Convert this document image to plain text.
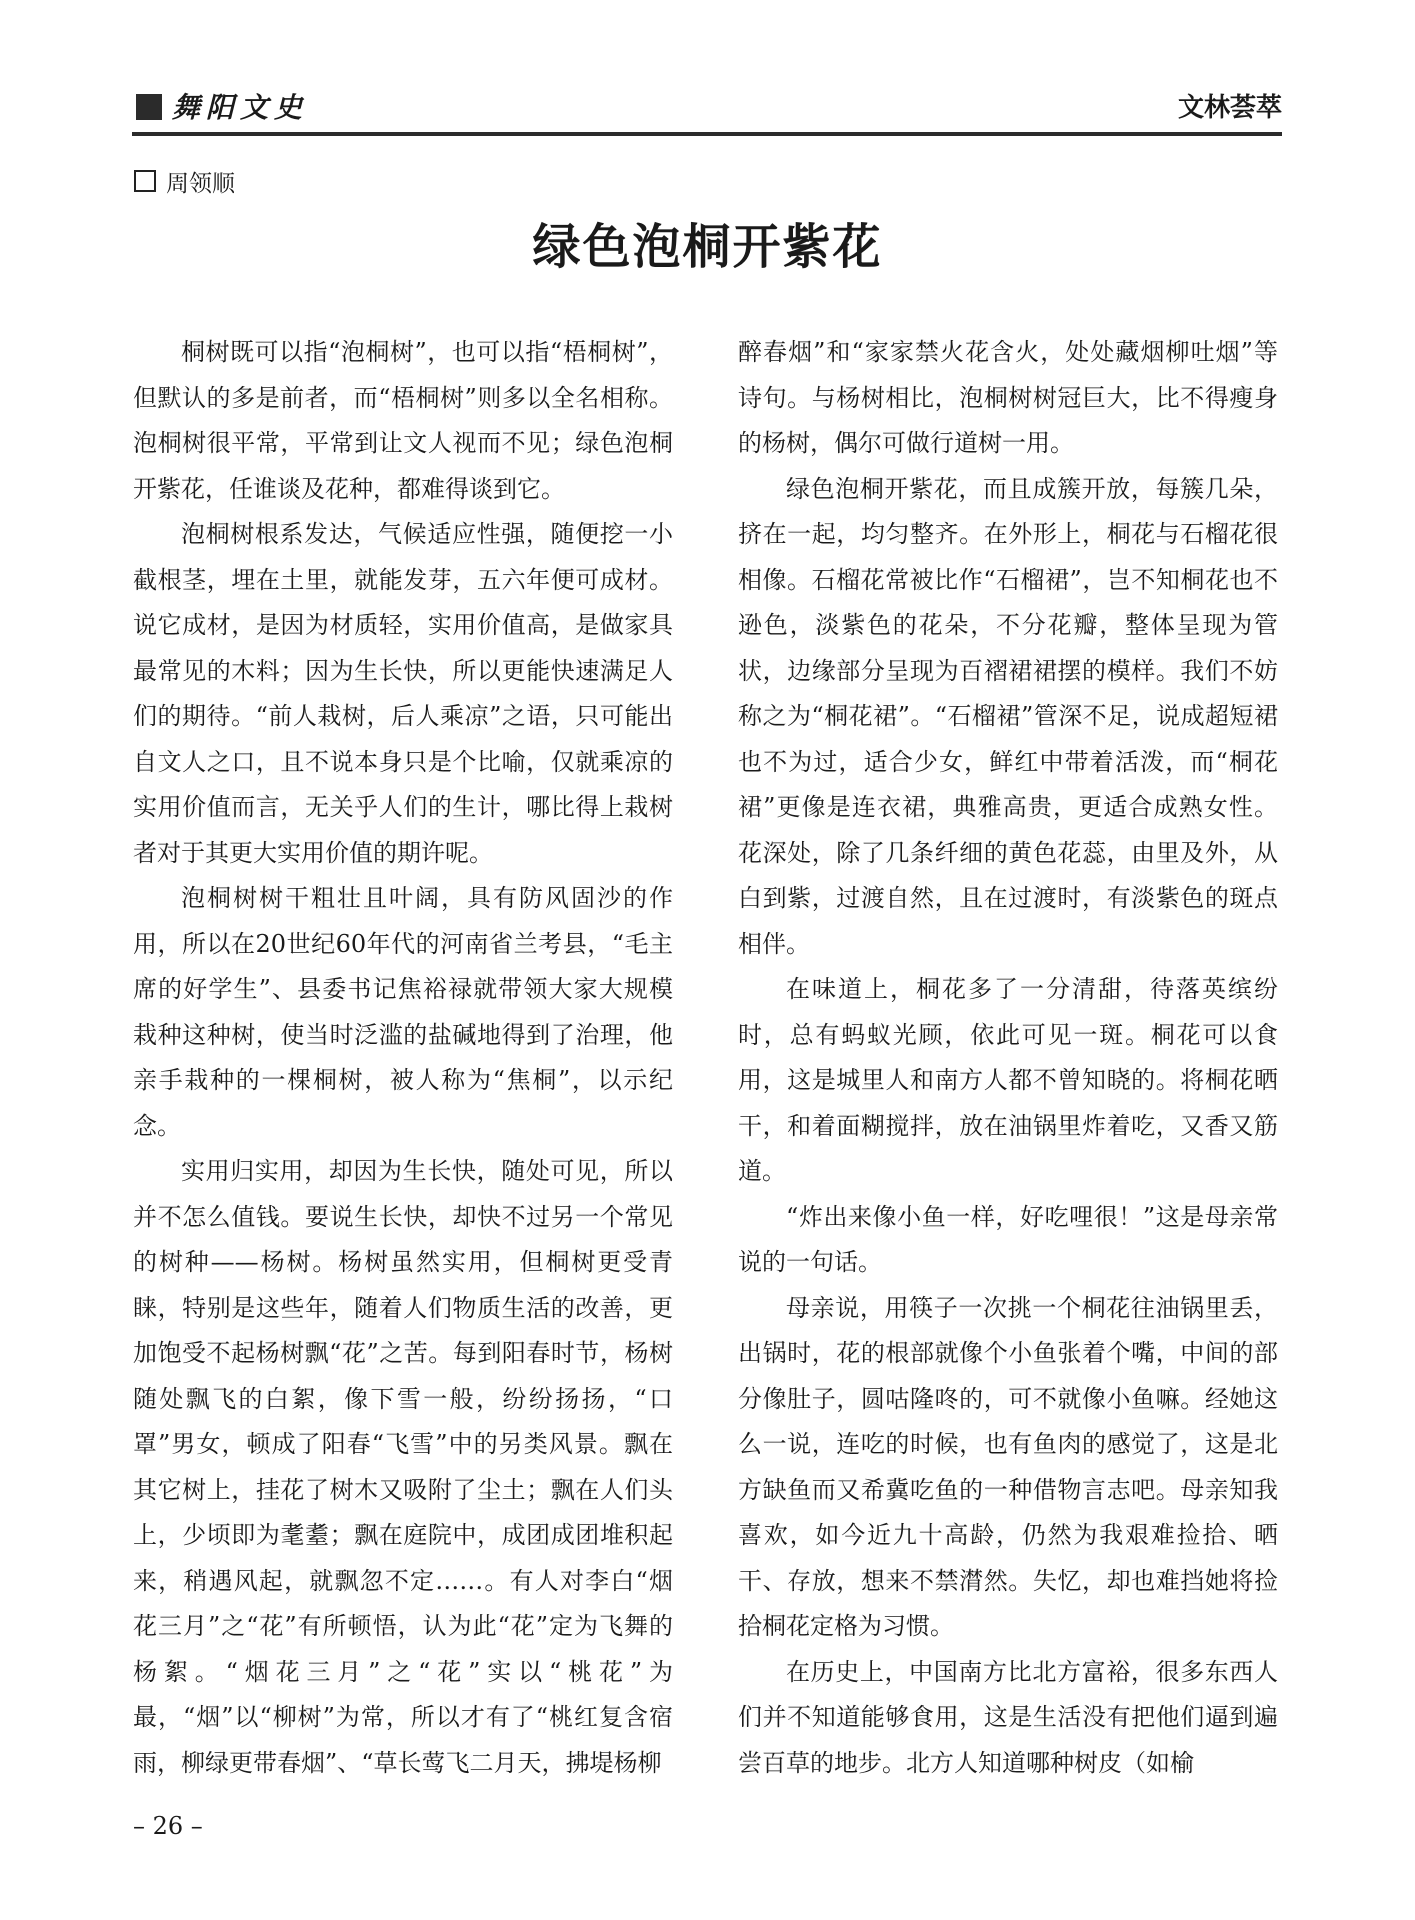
舞阳文史	文林荟萃
周领顺
绿色泡桐开紫花

桐树既可以指“泡桐树”，也可以指“梧桐树”，但默认的多是前者，而“梧桐树”则多以全名相称。泡桐树很平常，平常到让文人视而不见；绿色泡桐开紫花，任谁谈及花种，都难得谈到它。

泡桐树根系发达，气候适应性强，随便挖一小截根茎，埋在土里，就能发芽，五六年便可成材。说它成材，是因为材质轻，实用价值高，是做家具最常见的木料；因为生长快，所以更能快速满足人们的期待。“前人栽树，后人乘凉”之语，只可能出自文人之口，且不说本身只是个比喻，仅就乘凉的实用价值而言，无关乎人们的生计，哪比得上栽树者对于其更大实用价值的期许呢。

泡桐树树干粗壮且叶阔，具有防风固沙的作用，所以在20世纪60年代的河南省兰考县，“毛主席的好学生”、县委书记焦裕禄就带领大家大规模栽种这种树，使当时泛滥的盐碱地得到了治理，他亲手栽种的一棵桐树，被人称为“焦桐”，以示纪念。

实用归实用，却因为生长快，随处可见，所以并不怎么值钱。要说生长快，却快不过另一个常见的树种——杨树。杨树虽然实用，但桐树更受青睐，特别是这些年，随着人们物质生活的改善，更加饱受不起杨树飘“花”之苦。每到阳春时节，杨树随处飘飞的白絮，像下雪一般，纷纷扬扬，“口罩”男女，顿成了阳春“飞雪”中的另类风景。飘在其它树上，挂花了树木又吸附了尘土；飘在人们头上，少顷即为耄耋；飘在庭院中，成团成团堆积起来，稍遇风起，就飘忽不定……。有人对李白“烟花三月”之“花”有所顿悟，认为此“花”定为飞舞的杨絮。“烟花三月”之“花”实以“桃花”为最，“烟”以“柳树”为常，所以才有了“桃红复含宿雨，柳绿更带春烟”、“草长莺飞二月天，拂堤杨柳

醉春烟”和“家家禁火花含火，处处藏烟柳吐烟”等诗句。与杨树相比，泡桐树树冠巨大，比不得瘦身的杨树，偶尔可做行道树一用。

绿色泡桐开紫花，而且成簇开放，每簇几朵，挤在一起，均匀整齐。在外形上，桐花与石榴花很相像。石榴花常被比作“石榴裙”，岂不知桐花也不逊色，淡紫色的花朵，不分花瓣，整体呈现为管状，边缘部分呈现为百褶裙裙摆的模样。我们不妨称之为“桐花裙”。“石榴裙”管深不足，说成超短裙也不为过，适合少女，鲜红中带着活泼，而“桐花裙”更像是连衣裙，典雅高贵，更适合成熟女性。花深处，除了几条纤细的黄色花蕊，由里及外，从白到紫，过渡自然，且在过渡时，有淡紫色的斑点相伴。

在味道上，桐花多了一分清甜，待落英缤纷时，总有蚂蚁光顾，依此可见一斑。桐花可以食用，这是城里人和南方人都不曾知晓的。将桐花晒干，和着面糊搅拌，放在油锅里炸着吃，又香又筋道。

“炸出来像小鱼一样，好吃哩很！”这是母亲常说的一句话。

母亲说，用筷子一次挑一个桐花往油锅里丢，出锅时，花的根部就像个小鱼张着个嘴，中间的部分像肚子，圆咕隆咚的，可不就像小鱼嘛。经她这么一说，连吃的时候，也有鱼肉的感觉了，这是北方缺鱼而又希冀吃鱼的一种借物言志吧。母亲知我喜欢，如今近九十高龄，仍然为我艰难捡拾、晒干、存放，想来不禁潸然。失忆，却也难挡她将捡拾桐花定格为习惯。

在历史上，中国南方比北方富裕，很多东西人们并不知道能够食用，这是生活没有把他们逼到遍尝百草的地步。北方人知道哪种树皮（如榆

– 26 –
